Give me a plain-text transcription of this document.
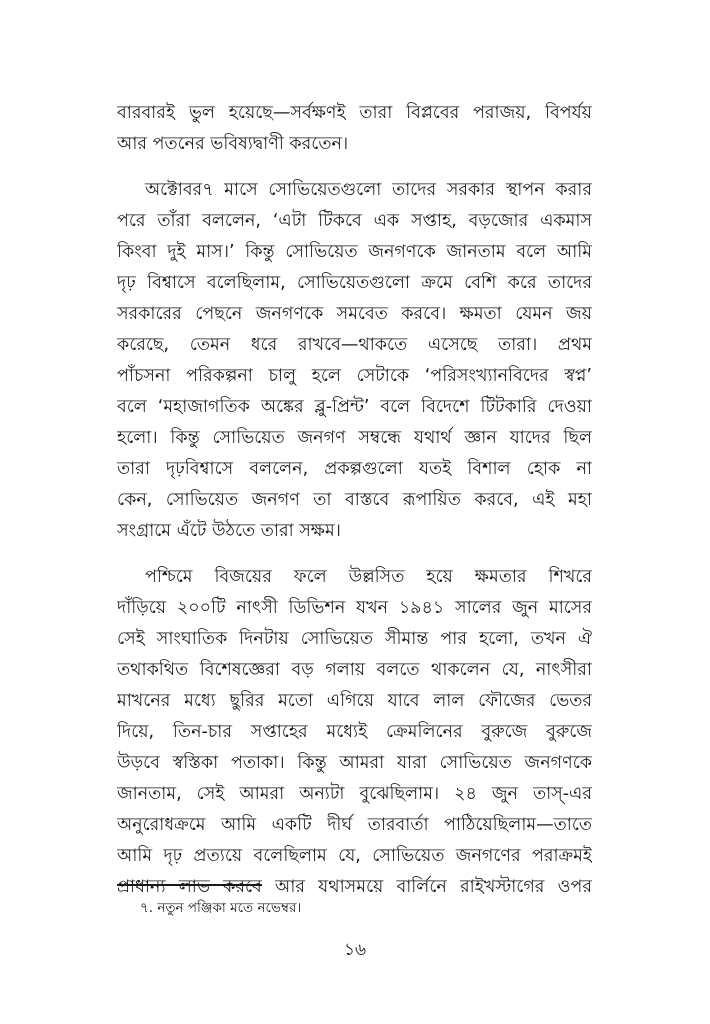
বারবারই ভুল হয়েছে—সর্বক্ষণই তারা বিপ্লবের পরাজয়, বিপর্যয়
আর পতনের ভবিষ্যদ্বাণী করতেন।
অক্টোবর৭ মাসে সোভিয়েতগুলো তাদের সরকার স্থাপন করার
পরে তাঁরা বললেন, ‘এটা টিকবে এক সপ্তাহ, বড়জোর একমাস
কিংবা দুই মাস।’ কিন্তু সোভিয়েত জনগণকে জানতাম বলে আমি
দৃঢ় বিশ্বাসে বলেছিলাম, সোভিয়েতগুলো ক্রমে বেশি করে তাদের
সরকারের পেছনে জনগণকে সমবেত করবে। ক্ষমতা যেমন জয়
করেছে, তেমন ধরে রাখবে—থাকতে এসেছে তারা। প্রথম
পাঁচসনা পরিকল্পনা চালু হলে সেটাকে ‘পরিসংখ্যানবিদের স্বপ্ন’
বলে ‘মহাজাগতিক অঙ্কের ব্লু-প্রিন্ট’ বলে বিদেশে টিটকারি দেওয়া
হলো। কিন্তু সোভিয়েত জনগণ সম্বন্ধে যথার্থ জ্ঞান যাদের ছিল
তারা দৃঢ়বিশ্বাসে বললেন, প্রকল্পগুলো যতই বিশাল হোক না
কেন, সোভিয়েত জনগণ তা বাস্তবে রূপায়িত করবে, এই মহা
সংগ্রামে এঁটে উঠতে তারা সক্ষম।
পশ্চিমে বিজয়ের ফলে উল্লসিত হয়ে ক্ষমতার শিখরে
দাঁড়িয়ে ২০০টি নাৎসী ডিভিশন যখন ১৯৪১ সালের জুন মাসের
সেই সাংঘাতিক দিনটায় সোভিয়েত সীমান্ত পার হলো, তখন ঐ
তথাকথিত বিশেষজ্ঞেরা বড় গলায় বলতে থাকলেন যে, নাৎসীরা
মাখনের মধ্যে ছুরির মতো এগিয়ে যাবে লাল ফৌজের ভেতর
দিয়ে, তিন-চার সপ্তাহের মধ্যেই ক্রেমলিনের বুরুজে বুরুজে
উড়বে স্বস্তিকা পতাকা। কিন্তু আমরা যারা সোভিয়েত জনগণকে
জানতাম, সেই আমরা অন্যটা বুঝেছিলাম। ২৪ জুন তাস্-এর
অনুরোধক্রমে আমি একটি দীর্ঘ তারবার্তা পাঠিয়েছিলাম—তাতে
আমি দৃঢ় প্রত্যয়ে বলেছিলাম যে, সোভিয়েত জনগণের পরাক্রমই
প্রাধান্য লাভ করবে আর যথাসময়ে বার্লিনে রাইখস্টাগের ওপর
৭. নতুন পঞ্জিকা মতে নভেম্বর।
১৬
